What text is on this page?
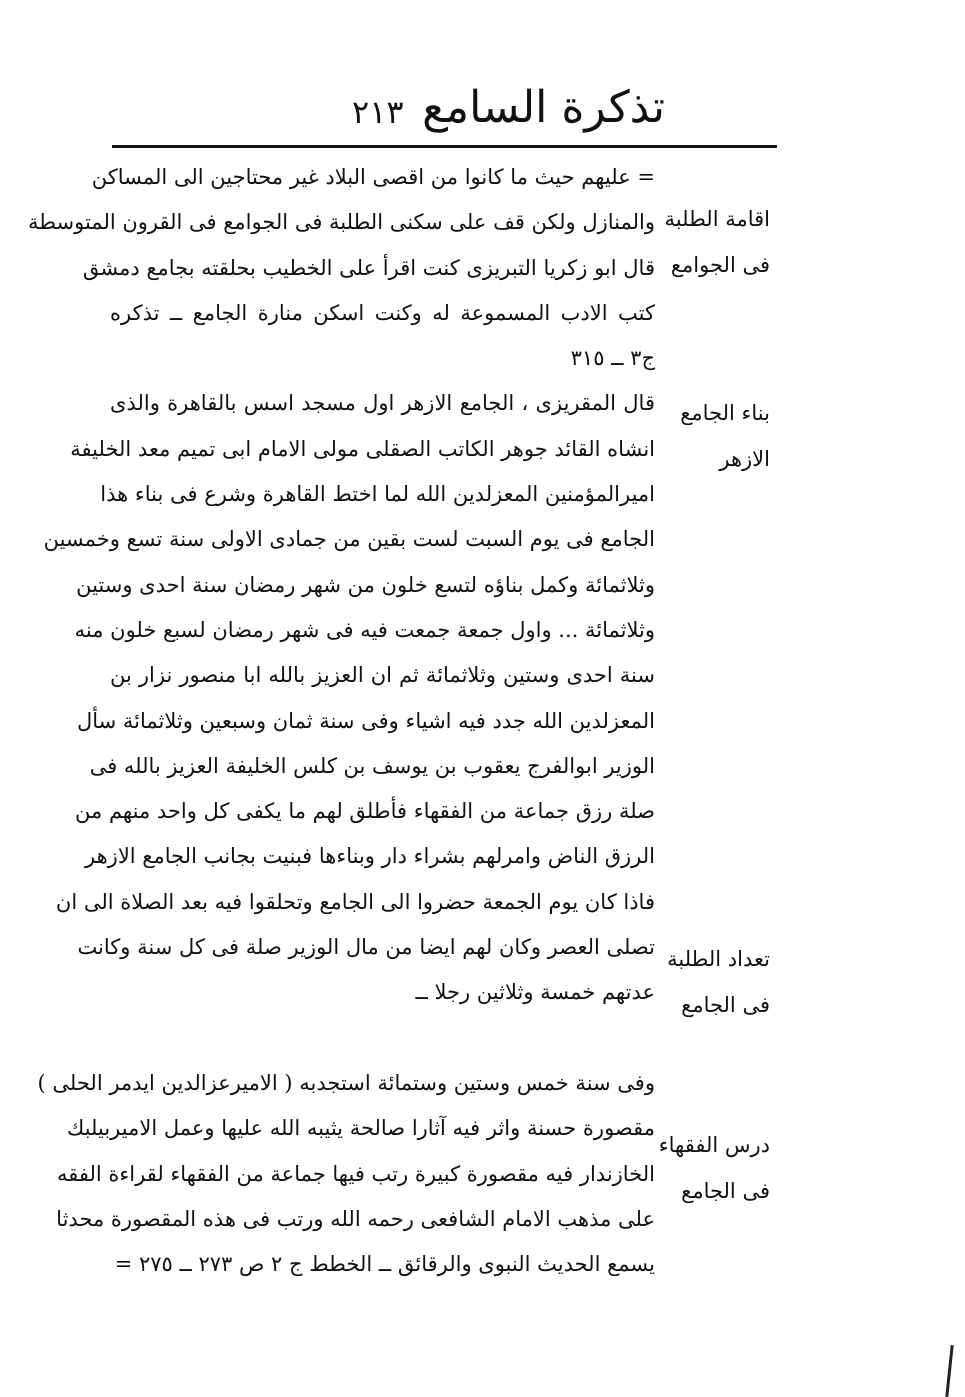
تذكرة السامع
٢١٣
اقامة الطلبة
فى الجوامع
بناء الجامع
الازهر
تعداد الطلبة
فى الجامع
درس الفقهاء
فى الجامع
= عليهم حيث ما كانوا من اقصى البلاد غير محتاجين الى المساكن
والمنازل ولكن قف على سكنى الطلبة فى الجوامع فى القرون المتوسطة
قال ابو زكريا التبريزى كنت اقرأ على الخطيب بحلقته بجامع دمشق
كتب الادب المسموعة له وكنت اسكن منارة الجامع ــ تذكره
ج٣ ــ ٣١٥
قال المقريزى ، الجامع الازهر اول مسجد اسس بالقاهرة والذى
انشاه القائد جوهر الكاتب الصقلى مولى الامام ابى تميم معد الخليفة
اميرالمؤمنين المعزلدين الله لما اختط القاهرة وشرع فى بناء هذا
الجامع فى يوم السبت لست بقين من جمادى الاولى سنة تسع وخمسين
وثلاثمائة وكمل بناؤه لتسع خلون من شهر رمضان سنة احدى وستين
وثلاثمائة ... واول جمعة جمعت فيه فى شهر رمضان لسبع خلون منه
سنة احدى وستين وثلاثمائة ثم ان العزيز بالله ابا منصور نزار بن
المعزلدين الله جدد فيه اشياء وفى سنة ثمان وسبعين وثلاثمائة سأل
الوزير ابوالفرج يعقوب بن يوسف بن كلس الخليفة العزيز بالله فى
صلة رزق جماعة من الفقهاء فأطلق لهم ما يكفى كل واحد منهم من
الرزق الناض وامرلهم بشراء دار وبناءها فبنيت بجانب الجامع الازهر
فاذا كان يوم الجمعة حضروا الى الجامع وتحلقوا فيه بعد الصلاة الى ان
تصلى العصر وكان لهم ايضا من مال الوزير صلة فى كل سنة وكانت
عدتهم خمسة وثلاثين رجلا ــ
وفى سنة خمس وستين وستمائة استجدبه ( الاميرعزالدين ايدمر الحلى )
مقصورة حسنة واثر فيه آثارا صالحة يثيبه الله عليها وعمل الاميربيلبك
الخازندار فيه مقصورة كبيرة رتب فيها جماعة من الفقهاء لقراءة الفقه
على مذهب الامام الشافعى رحمه الله ورتب فى هذه المقصورة محدثا
يسمع الحديث النبوى والرقائق ــ الخطط ج ٢ ص ٢٧٣ ــ ٢٧٥ =
